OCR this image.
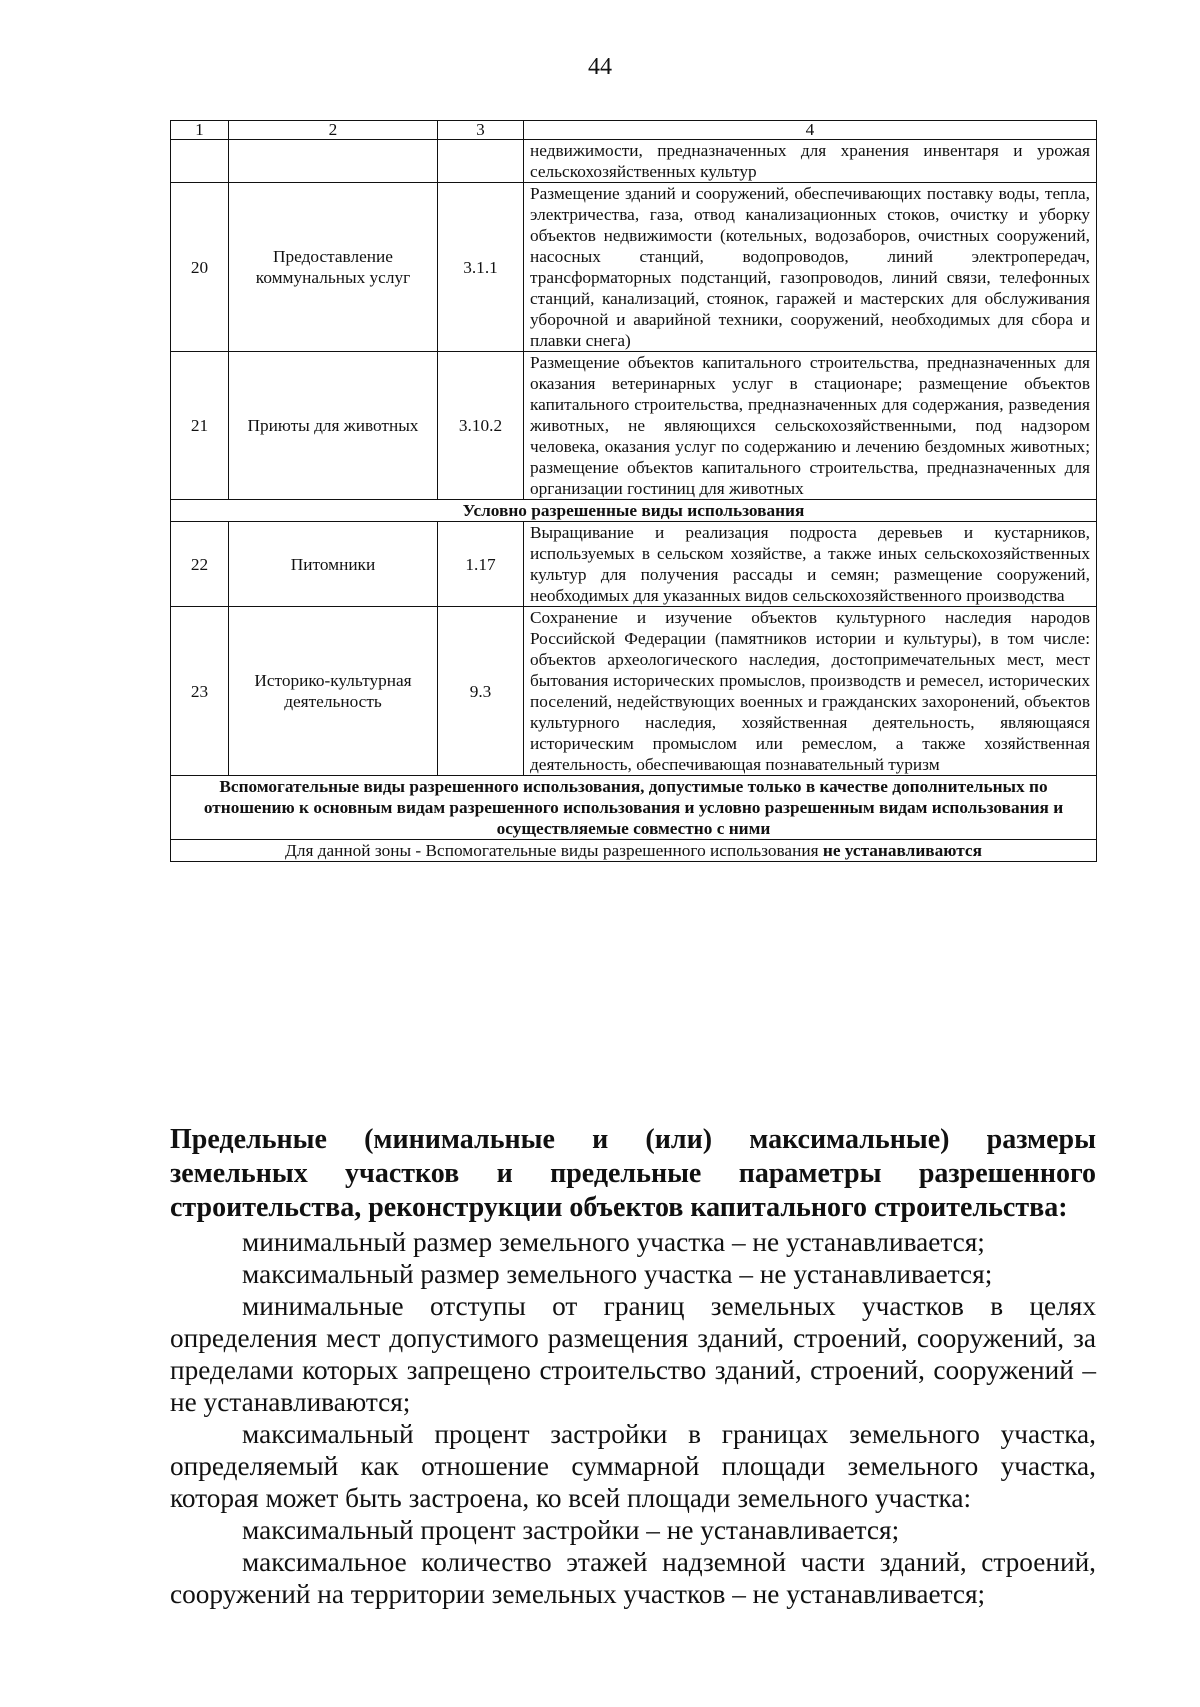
44
1	2	3	4
			недвижимости, предназначенных для хранения инвентаря и урожая сельскохозяйственных культур
20	Предоставление коммунальных услуг	3.1.1	Размещение зданий и сооружений, обеспечивающих поставку воды, тепла, электричества, газа, отвод канализационных стоков, очистку и уборку объектов недвижимости (котельных, водозаборов, очистных сооружений, насосных станций, водопроводов, линий электропередач, трансформаторных подстанций, газопроводов, линий связи, телефонных станций, канализаций, стоянок, гаражей и мастерских для обслуживания уборочной и аварийной техники, сооружений, необходимых для сбора и плавки снега)
21	Приюты для животных	3.10.2	Размещение объектов капитального строительства, предназначенных для оказания ветеринарных услуг в стационаре; размещение объектов капитального строительства, предназначенных для содержания, разведения животных, не являющихся сельскохозяйственными, под надзором человека, оказания услуг по содержанию и лечению бездомных животных; размещение объектов капитального строительства, предназначенных для организации гостиниц для животных
Условно разрешенные виды использования			
22	Питомники	1.17	Выращивание и реализация подроста деревьев и кустарников, используемых в сельском хозяйстве, а также иных сельскохозяйственных культур для получения рассады и семян; размещение сооружений, необходимых для указанных видов сельскохозяйственного производства
23	Историко-культурная деятельность	9.3	Сохранение и изучение объектов культурного наследия народов Российской Федерации (памятников истории и культуры), в том числе: объектов археологического наследия, достопримечательных мест, мест бытования исторических промыслов, производств и ремесел, исторических поселений, недействующих военных и гражданских захоронений, объектов культурного наследия, хозяйственная деятельность, являющаяся историческим промыслом или ремеслом, а также хозяйственная деятельность, обеспечивающая познавательный туризм
Вспомогательные виды разрешенного использования, допустимые только в качестве дополнительных по отношению к основным видам разрешенного использования и условно разрешенным видам использования и осуществляемые совместно с ними			
Для данной зоны - Вспомогательные виды разрешенного использования не устанавливаются			
Предельные (минимальные и (или) максимальные) размеры
земельных участков и предельные параметры разрешенного
строительства, реконструкции объектов капитального строительства:

минимальный размер земельного участка – не устанавливается;

максимальный размер земельного участка – не устанавливается;

минимальные отступы от границ земельных участков в целях определения мест допустимого размещения зданий, строений, сооружений, за пределами которых запрещено строительство зданий, строений, сооружений – не устанавливаются;

максимальный процент застройки в границах земельного участка, определяемый как отношение суммарной площади земельного участка, которая может быть застроена, ко всей площади земельного участка:

максимальный процент застройки – не устанавливается;

максимальное количество этажей надземной части зданий, строений, сооружений на территории земельных участков – не устанавливается;
